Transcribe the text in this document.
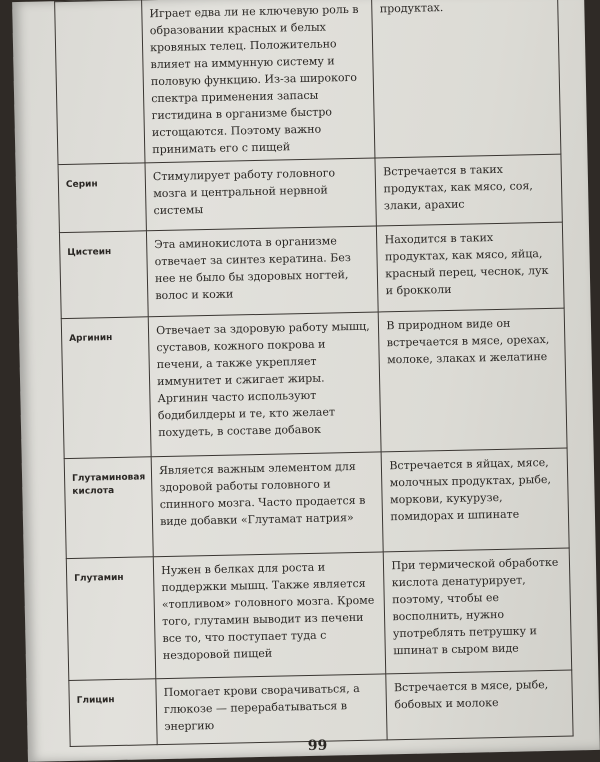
	Играет едва ли не ключевую роль в образовании красных и белых кровяных телец. Положительно влияет на иммунную систему и половую функцию. Из-за широкого спектра применения запасы гистидина в организме быстро истощаются. Поэтому важно принимать его с пищей	продуктах.
Серин	Стимулирует работу головного мозга и центральной нервной системы	Встречается в таких продуктах, как мясо, соя, злаки, арахис
Цистеин	Эта аминокислота в организме отвечает за синтез кератина. Без нее не было бы здоровых ногтей, волос и кожи	Находится в таких продуктах, как мясо, яйца, красный перец, чеснок, лук и брокколи
Аргинин	Отвечает за здоровую работу мышц, суставов, кожного покрова и печени, а также укрепляет иммунитет и сжигает жиры. Аргинин часто используют бодибилдеры и те, кто желает похудеть, в составе добавок	В природном виде он встречается в мясе, орехах, молоке, злаках и желатине
Глутаминовая кислота	Является важным элементом для здоровой работы головного и спинного мозга. Часто продается в виде добавки «Глутамат натрия»	Встречается в яйцах, мясе, молочных продуктах, рыбе, моркови, кукурузе, помидорах и шпинате
Глутамин	Нужен в белках для роста и поддержки мышц. Также является «топливом» головного мозга. Кроме того, глутамин выводит из печени все то, что поступает туда с нездоровой пищей	При термической обработке кислота денатурирует, поэтому, чтобы ее восполнить, нужно употреблять петрушку и шпинат в сыром виде
Глицин	Помогает крови сворачиваться, а глюкозе — перерабатываться в энергию	Встречается в мясе, рыбе, бобовых и молоке
99
